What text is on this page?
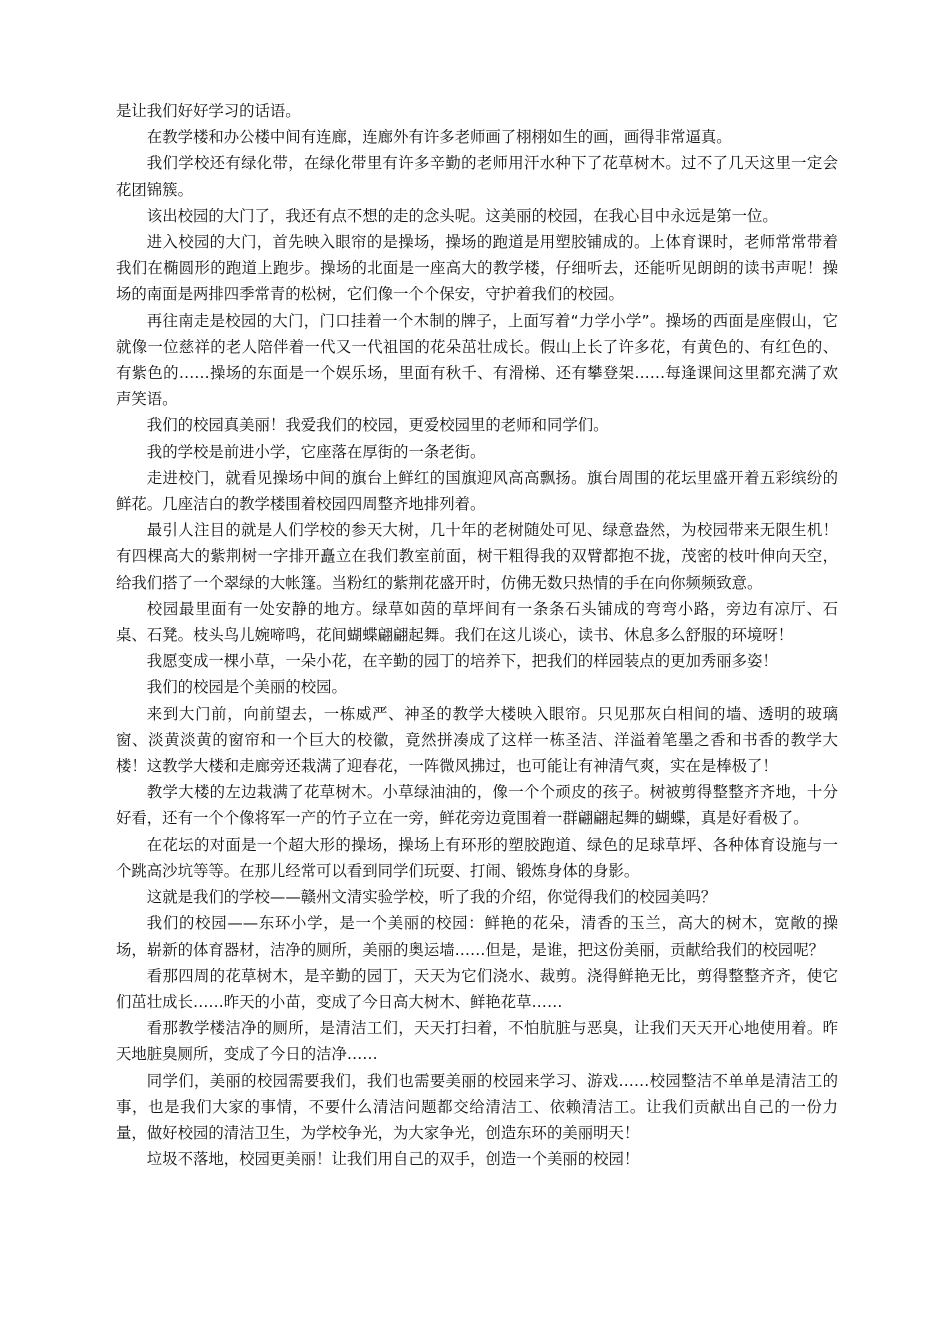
是让我们好好学习的话语。

在教学楼和办公楼中间有连廊，连廊外有许多老师画了栩栩如生的画，画得非常逼真。

我们学校还有绿化带，在绿化带里有许多辛勤的老师用汗水种下了花草树木。过不了几天这里一定会花团锦簇。

该出校园的大门了，我还有点不想的走的念头呢。这美丽的校园，在我心目中永远是第一位。

进入校园的大门，首先映入眼帘的是操场，操场的跑道是用塑胶铺成的。上体育课时，老师常常带着我们在椭圆形的跑道上跑步。操场的北面是一座高大的教学楼，仔细听去，还能听见朗朗的读书声呢！操场的南面是两排四季常青的松树，它们像一个个保安，守护着我们的校园。

再往南走是校园的大门，门口挂着一个木制的牌子，上面写着“力学小学”。操场的西面是座假山，它就像一位慈祥的老人陪伴着一代又一代祖国的花朵茁壮成长。假山上长了许多花，有黄色的、有红色的、有紫色的……操场的东面是一个娱乐场，里面有秋千、有滑梯、还有攀登架……每逢课间这里都充满了欢声笑语。

我们的校园真美丽！我爱我们的校园，更爱校园里的老师和同学们。

我的学校是前进小学，它座落在厚街的一条老街。

走进校门，就看见操场中间的旗台上鲜红的国旗迎风高高飘扬。旗台周围的花坛里盛开着五彩缤纷的鲜花。几座洁白的教学楼围着校园四周整齐地排列着。

最引人注目的就是人们学校的参天大树，几十年的老树随处可见、绿意盎然，为校园带来无限生机！有四棵高大的紫荆树一字排开矗立在我们教室前面，树干粗得我的双臂都抱不拢，茂密的枝叶伸向天空，给我们搭了一个翠绿的大帐篷。当粉红的紫荆花盛开时，仿佛无数只热情的手在向你频频致意。

校园最里面有一处安静的地方。绿草如茵的草坪间有一条条石头铺成的弯弯小路，旁边有凉厅、石桌、石凳。枝头鸟儿婉啼鸣，花间蝴蝶翩翩起舞。我们在这儿谈心，读书、休息多么舒服的环境呀！

我愿变成一棵小草，一朵小花，在辛勤的园丁的培养下，把我们的样园装点的更加秀丽多姿！

我们的校园是个美丽的校园。

来到大门前，向前望去，一栋威严、神圣的教学大楼映入眼帘。只见那灰白相间的墙、透明的玻璃窗、淡黄淡黄的窗帘和一个巨大的校徽，竟然拼凑成了这样一栋圣洁、洋溢着笔墨之香和书香的教学大楼！这教学大楼和走廊旁还栽满了迎春花，一阵微风拂过，也可能让有神清气爽，实在是棒极了！

教学大楼的左边栽满了花草树木。小草绿油油的，像一个个顽皮的孩子。树被剪得整整齐齐地，十分好看，还有一个个像将军一产的竹子立在一旁，鲜花旁边竟围着一群翩翩起舞的蝴蝶，真是好看极了。

在花坛的对面是一个超大形的操场，操场上有环形的塑胶跑道、绿色的足球草坪、各种体育设施与一个跳高沙坑等等。在那儿经常可以看到同学们玩耍、打闹、锻炼身体的身影。

这就是我们的学校——赣州文清实验学校，听了我的介绍，你觉得我们的校园美吗？

我们的校园——东环小学，是一个美丽的校园：鲜艳的花朵，清香的玉兰，高大的树木，宽敞的操场，崭新的体育器材，洁净的厕所，美丽的奥运墙……但是，是谁，把这份美丽，贡献给我们的校园呢？

看那四周的花草树木，是辛勤的园丁，天天为它们浇水、裁剪。浇得鲜艳无比，剪得整整齐齐，使它们茁壮成长……昨天的小苗，变成了今日高大树木、鲜艳花草……

看那教学楼洁净的厕所，是清洁工们，天天打扫着，不怕肮脏与恶臭，让我们天天开心地使用着。昨天地脏臭厕所，变成了今日的洁净……

同学们，美丽的校园需要我们，我们也需要美丽的校园来学习、游戏……校园整洁不单单是清洁工的事，也是我们大家的事情，不要什么清洁问题都交给清洁工、依赖清洁工。让我们贡献出自己的一份力量，做好校园的清洁卫生，为学校争光，为大家争光，创造东环的美丽明天！

垃圾不落地，校园更美丽！让我们用自己的双手，创造一个美丽的校园！
